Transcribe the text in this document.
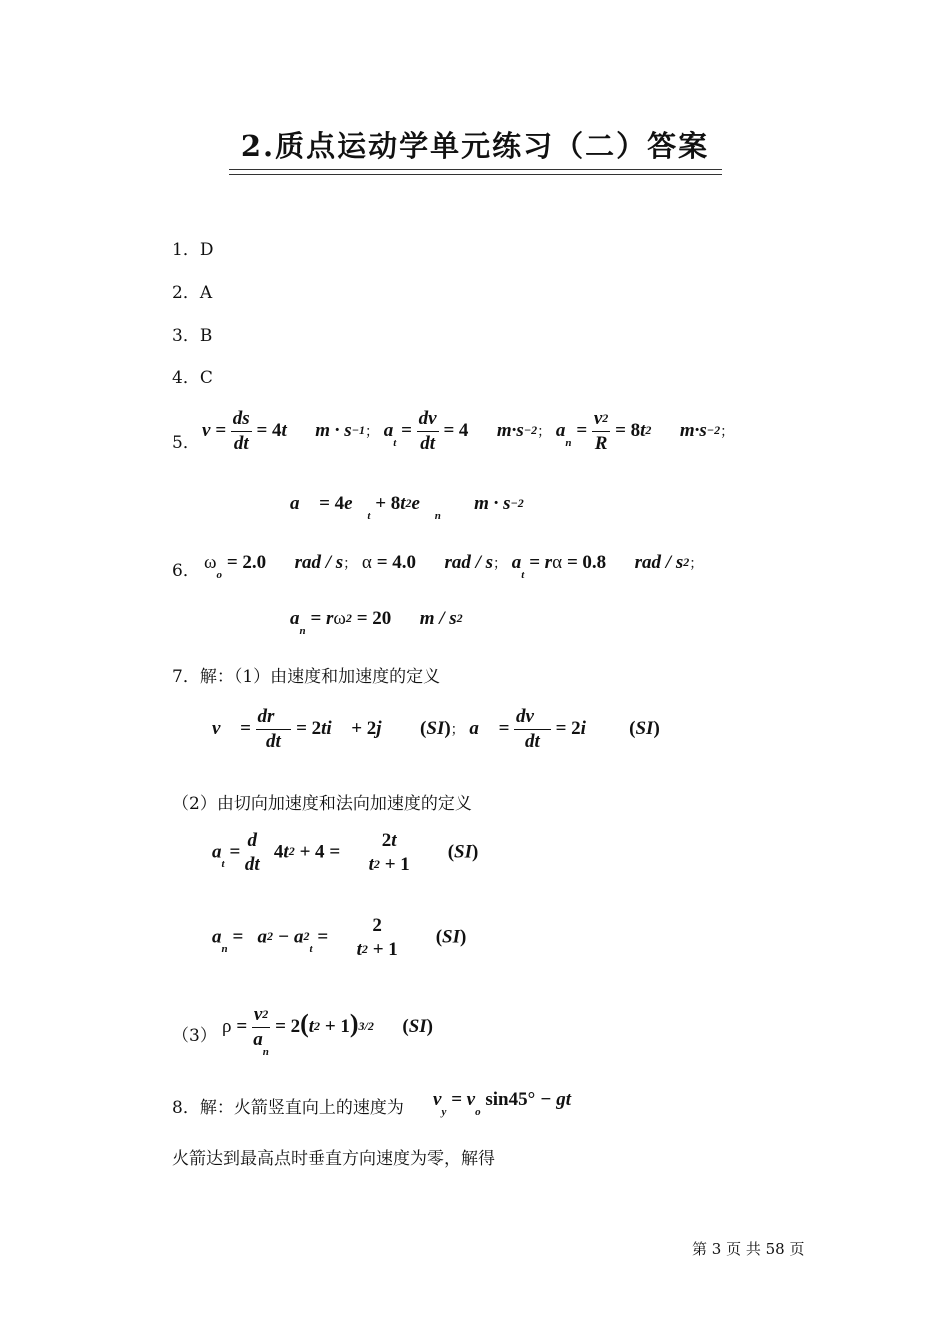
2.质点运动学单元练习（二）答案
1．D
2．A
3．B
4．C
5．
$v = \frac{ds}{dt} = 4t$      m · s−1； $a_t = \frac{dv}{dt} = 4$      m·s−2； $a_n = \frac{v2}{R} = 8t2$      m·s−2；
a⃗ = $4e⃗_t$ + $8t2e⃗_n$       m · s−2
6． $\omega_o = 2.0$      rad / s； α = 4.0      rad / s； $a_t = r\alpha = 0.8$      rad / s2；
$a_n = r\omega 2 = 20$      m / s2
7．解：（1）由速度和加速度的定义
v⃗ = $\frac{dr⃗}{dt}$ = 2ti⃗ + 2j⃗     (SI)； a⃗ = $\frac{dv⃗}{dt}$ = 2i⃗      (SI)
（2）由切向加速度和法向加速度的定义
$a_t$ =
d
dt
4t2 + 4 =
2t
t2 + 1
(SI)
$a_n = a2 - a2_t$ =
2
t2 + 1
(SI)
（3） $\rho = \frac{v2}{a_n} = 2(t2 + 1)3/2$ (SI)
8．解：火箭竖直向上的速度为 $v_y = v_o$ sin45° − gt
火箭达到最高点时垂直方向速度为零，解得
第 3 页 共 58 页
